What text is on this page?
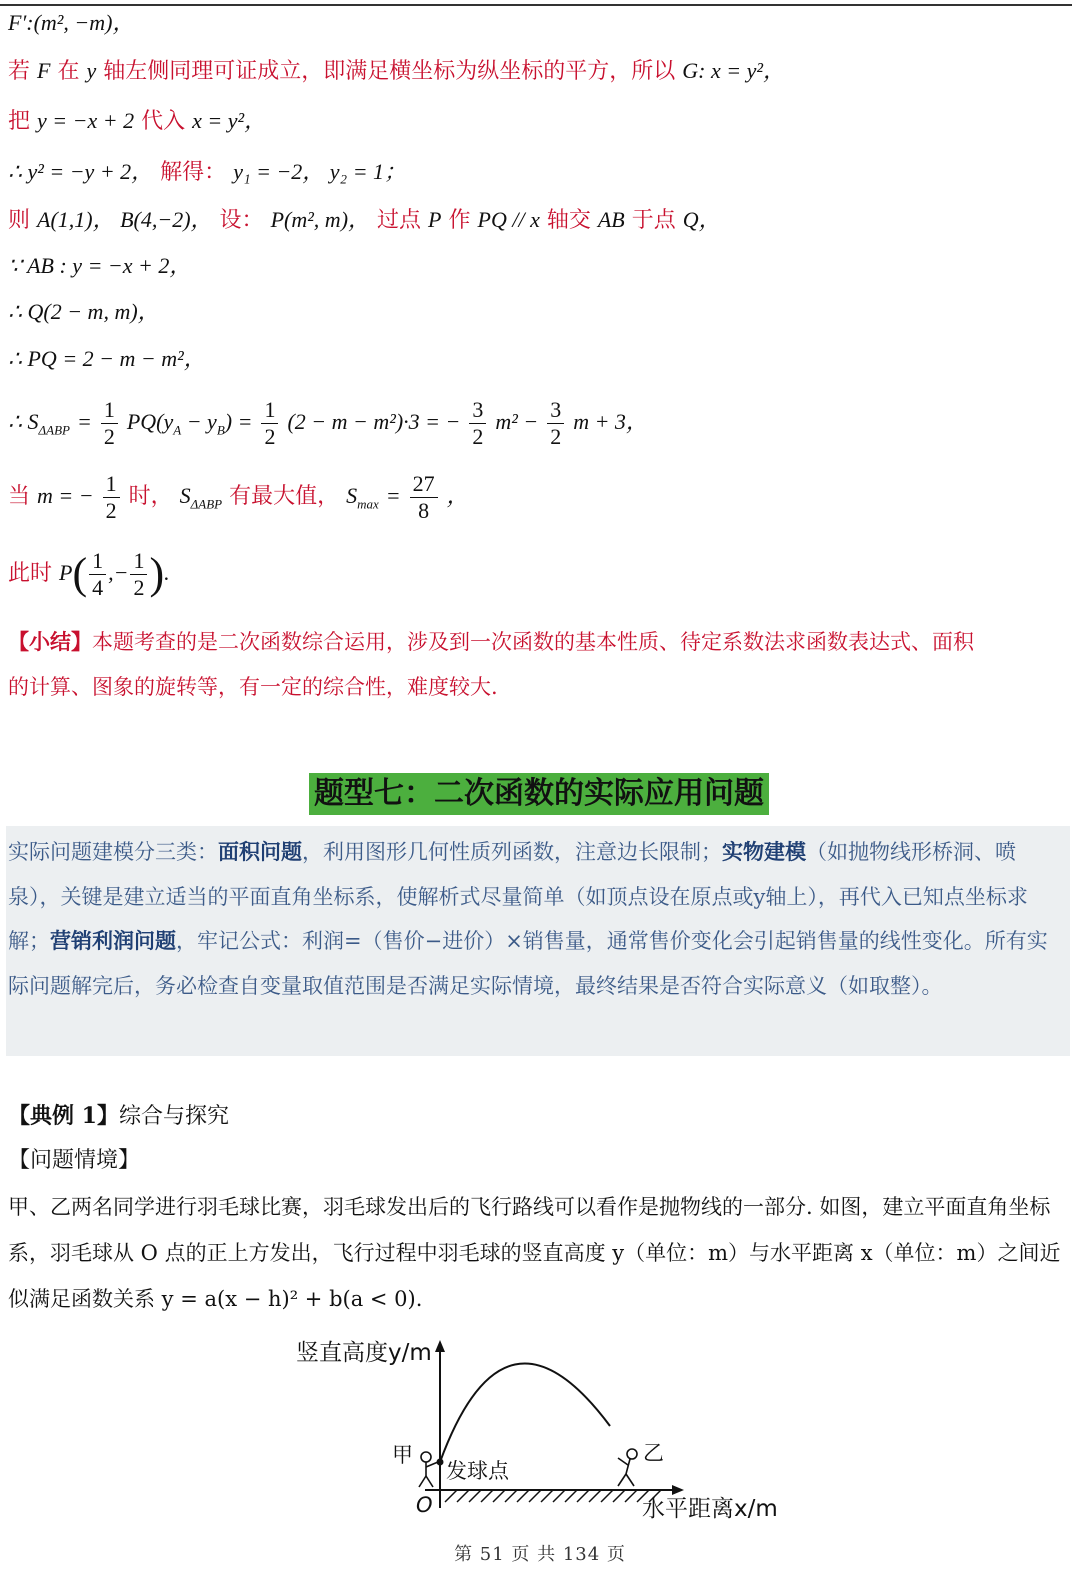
F′:(m², −m)，
若 F 在 y 轴左侧同理可证成立，即满足横坐标为纵坐标的平方，所以 G: x = y²，
把 y = −x + 2 代入 x = y²，
∴ y² = −y + 2， 解得： y₁ = −2， y₂ = 1；
则 A(1,1)， B(4,−2)， 设： P(m², m)， 过点 P 作 PQ // x 轴交 AB 于点 Q，
∵ AB : y = −x + 2，
∴ Q(2 − m, m)，
∴ PQ = 2 − m − m²，
∴ $S_{\Delta ABP} = \frac{1}{2} PQ(y_A - y_B) = \frac{1}{2} (2 - m - m^2)\cdot 3$ = − $\frac{3}{2} m^2 - \frac{3}{2}$ m + 3，
当 m = − $\frac{1}{2}$ 时， $S_{\Delta ABP}$ 有最大值， $S_{max} = \frac{27}{8}$ ，
此时 $P( \frac{1}{4}$ ,− $\frac{1}{2}$ ).
【小结】本题考查的是二次函数综合运用，涉及到一次函数的基本性质、待定系数法求函数表达式、面积
的计算、图象的旋转等，有一定的综合性，难度较大.
题型七：二次函数的实际应用问题
实际问题建模分三类：面积问题，利用图形几何性质列函数，注意边长限制；实物建模（如抛物线形桥洞、喷泉），关键是建立适当的平面直角坐标系，使解析式尽量简单（如顶点设在原点或y轴上），再代入已知点坐标求解；营销利润问题，牢记公式：利润=（售价−进价）×销售量，通常售价变化会引起销售量的线性变化。所有实际问题解完后，务必检查自变量取值范围是否满足实际情境，最终结果是否符合实际意义（如取整）。
【典例 1】综合与探究
【问题情境】
甲、乙两名同学进行羽毛球比赛，羽毛球发出后的飞行路线可以看作是抛物线的一部分. 如图，建立平面直角坐标系，羽毛球从 O 点的正上方发出，飞行过程中羽毛球的竖直高度 y（单位：m）与水平距离 x（单位：m）之间近似满足函数关系 y = a(x − h)² + b(a < 0).
竖直高度y/m
甲
发球点
乙
O	水平距离x/m
第 51 页 共 134 页
